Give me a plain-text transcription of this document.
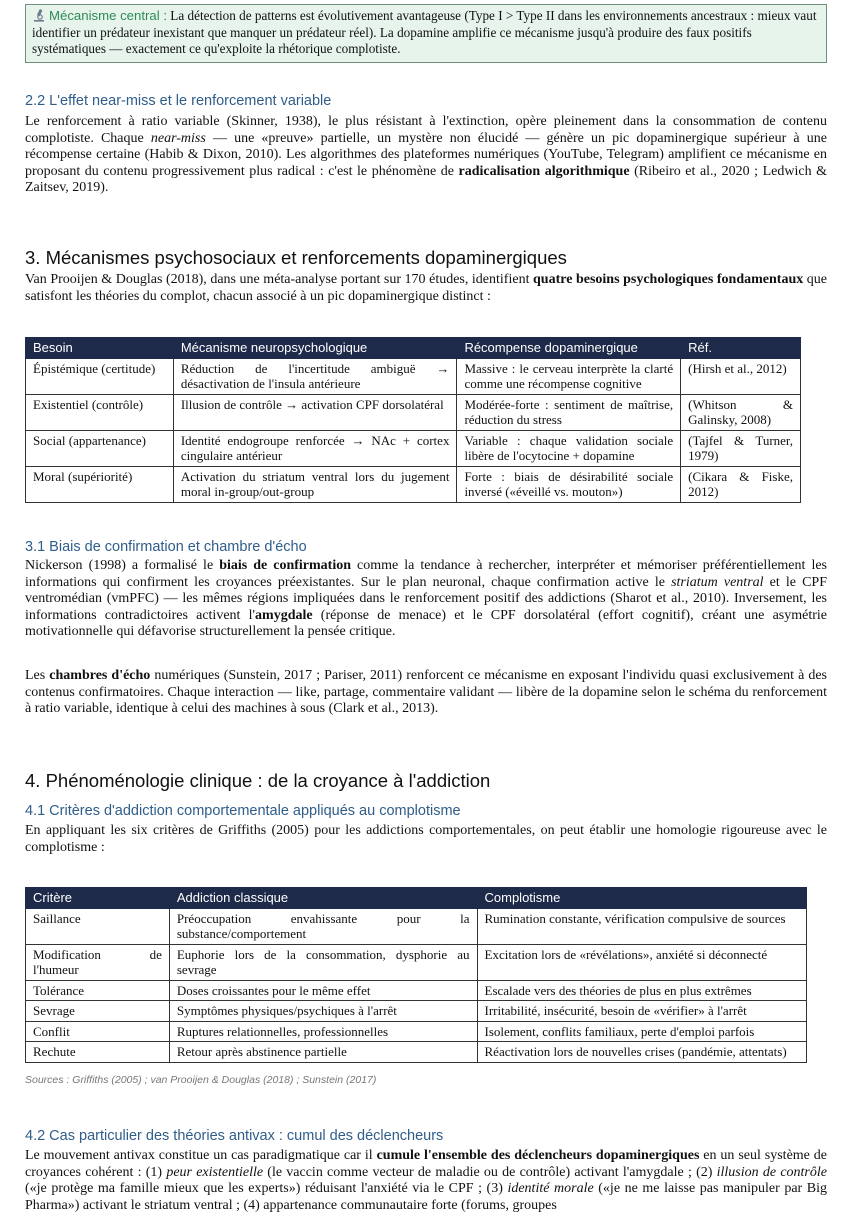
Mécanisme central : La détection de patterns est évolutivement avantageuse (Type I > Type II dans les environnements ancestraux : mieux vaut identifier un prédateur inexistant que manquer un prédateur réel). La dopamine amplifie ce mécanisme jusqu'à produire des faux positifs systématiques — exactement ce qu'exploite la rhétorique complotiste.
2.2 L'effet near-miss et le renforcement variable

Le renforcement à ratio variable (Skinner, 1938), le plus résistant à l'extinction, opère pleinement dans la consommation de contenu complotiste. Chaque near-miss — une «preuve» partielle, un mystère non élucidé — génère un pic dopaminergique supérieur à une récompense certaine (Habib & Dixon, 2010). Les algorithmes des plateformes numériques (YouTube, Telegram) amplifient ce mécanisme en proposant du contenu progressivement plus radical : c'est le phénomène de radicalisation algorithmique (Ribeiro et al., 2020 ; Ledwich & Zaitsev, 2019).

3. Mécanismes psychosociaux et renforcements dopaminergiques

Van Prooijen & Douglas (2018), dans une méta-analyse portant sur 170 études, identifient quatre besoins psychologiques fondamentaux que satisfont les théories du complot, chacun associé à un pic dopaminergique distinct :

Besoin	Mécanisme neuropsychologique	Récompense dopaminergique	Réf.
Épistémique (certitude)	Réduction de l'incertitude ambiguë → désactivation de l'insula antérieure	Massive : le cerveau interprète la clarté comme une récompense cognitive	(Hirsh et al., 2012)
Existentiel (contrôle)	Illusion de contrôle → activation CPF dorsolatéral	Modérée-forte : sentiment de maîtrise, réduction du stress	(Whitson & Galinsky, 2008)
Social (appartenance)	Identité endogroupe renforcée → NAc + cortex cingulaire antérieur	Variable : chaque validation sociale libère de l'ocytocine + dopamine	(Tajfel & Turner, 1979)
Moral (supériorité)	Activation du striatum ventral lors du jugement moral in-group/out-group	Forte : biais de désirabilité sociale inversé («éveillé vs. mouton»)	(Cikara & Fiske, 2012)
3.1 Biais de confirmation et chambre d'écho

Nickerson (1998) a formalisé le biais de confirmation comme la tendance à rechercher, interpréter et mémoriser préférentiellement les informations qui confirment les croyances préexistantes. Sur le plan neuronal, chaque confirmation active le striatum ventral et le CPF ventromédian (vmPFC) — les mêmes régions impliquées dans le renforcement positif des addictions (Sharot et al., 2010). Inversement, les informations contradictoires activent l'amygdale (réponse de menace) et le CPF dorsolatéral (effort cognitif), créant une asymétrie motivationnelle qui défavorise structurellement la pensée critique.

Les chambres d'écho numériques (Sunstein, 2017 ; Pariser, 2011) renforcent ce mécanisme en exposant l'individu quasi exclusivement à des contenus confirmatoires. Chaque interaction — like, partage, commentaire validant — libère de la dopamine selon le schéma du renforcement à ratio variable, identique à celui des machines à sous (Clark et al., 2013).

4. Phénoménologie clinique : de la croyance à l'addiction
4.1 Critères d'addiction comportementale appliqués au complotisme

En appliquant les six critères de Griffiths (2005) pour les addictions comportementales, on peut établir une homologie rigoureuse avec le complotisme :

Critère	Addiction classique	Complotisme
Saillance	Préoccupation envahissante pour la substance/comportement	Rumination constante, vérification compulsive de sources
Modification de l'humeur	Euphorie lors de la consommation, dysphorie au sevrage	Excitation lors de «révélations», anxiété si déconnecté
Tolérance	Doses croissantes pour le même effet	Escalade vers des théories de plus en plus extrêmes
Sevrage	Symptômes physiques/psychiques à l'arrêt	Irritabilité, insécurité, besoin de «vérifier» à l'arrêt
Conflit	Ruptures relationnelles, professionnelles	Isolement, conflits familiaux, perte d'emploi parfois
Rechute	Retour après abstinence partielle	Réactivation lors de nouvelles crises (pandémie, attentats)
Sources : Griffiths (2005) ; van Prooijen & Douglas (2018) ; Sunstein (2017)
4.2 Cas particulier des théories antivax : cumul des déclencheurs

Le mouvement antivax constitue un cas paradigmatique car il cumule l'ensemble des déclencheurs dopaminergiques en un seul système de croyances cohérent : (1) peur existentielle (le vaccin comme vecteur de maladie ou de contrôle) activant l'amygdale ; (2) illusion de contrôle («je protège ma famille mieux que les experts») réduisant l'anxiété via le CPF ; (3) identité morale («je ne me laisse pas manipuler par Big Pharma») activant le striatum ventral ; (4) appartenance communautaire forte (forums, groupes
